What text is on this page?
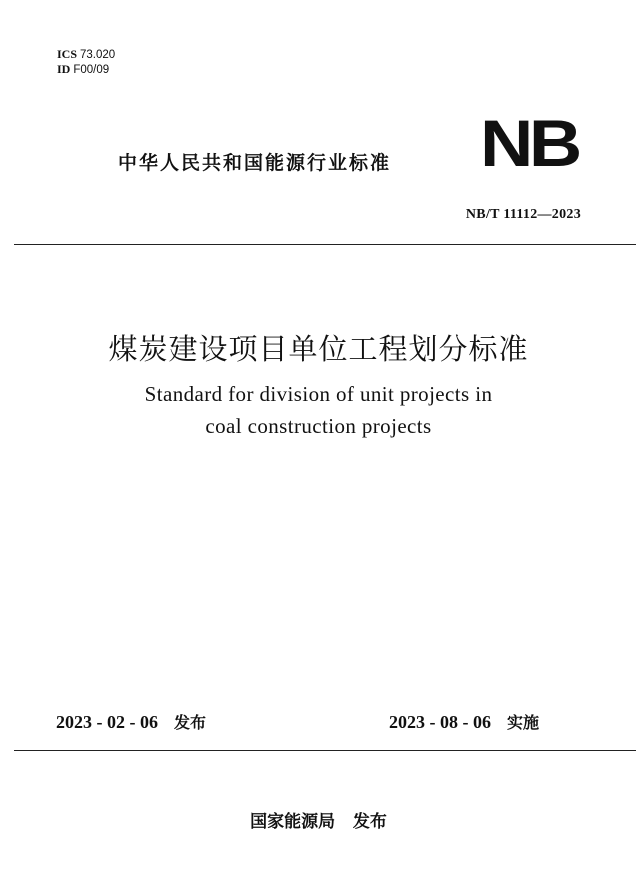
ICS 73.020
ID F00/09
中华人民共和国能源行业标准 NB
NB/T 11112—2023
煤炭建设项目单位工程划分标准
Standard for division of unit projects in
coal construction projects
2023 - 02 - 06 发布	2023 - 08 - 06 实施
国家能源局   发布
